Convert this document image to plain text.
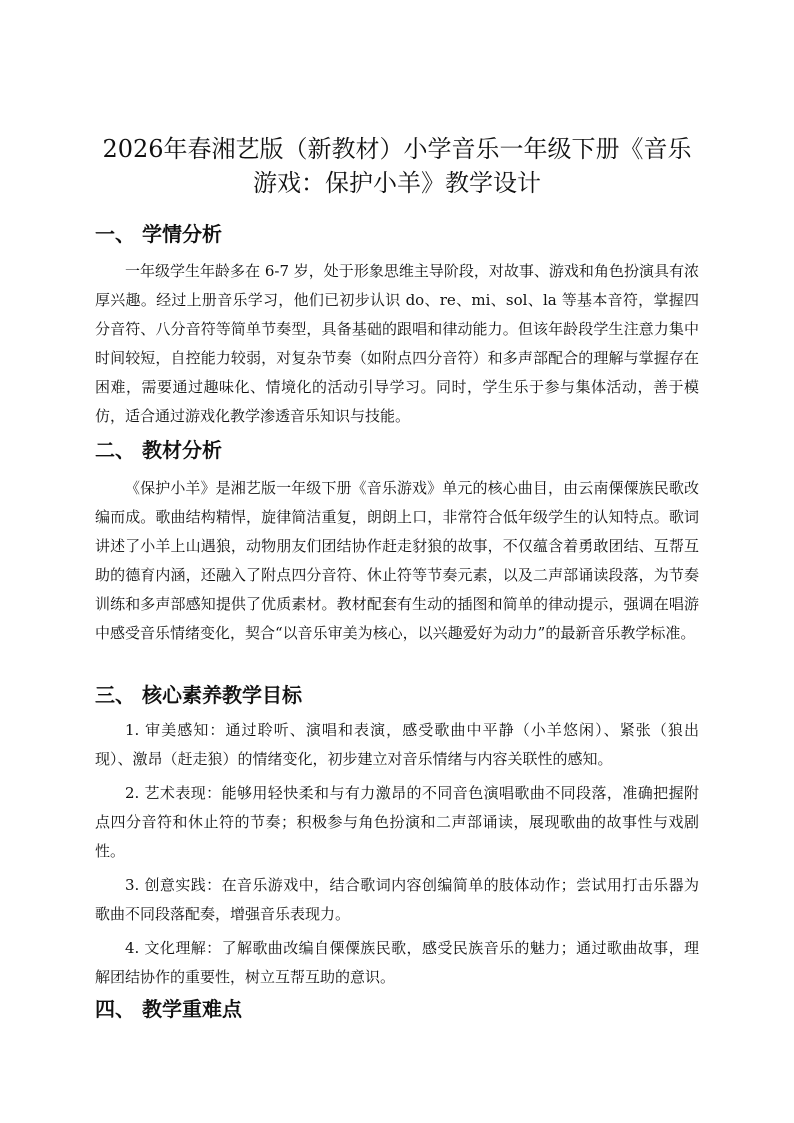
2026年春湘艺版（新教材）小学音乐一年级下册《音乐游戏：保护小羊》教学设计
一、 学情分析

一年级学生年龄多在 6-7 岁，处于形象思维主导阶段，对故事、游戏和角色扮演具有浓厚兴趣。经过上册音乐学习，他们已初步认识 do、re、mi、sol、la 等基本音符，掌握四分音符、八分音符等简单节奏型，具备基础的跟唱和律动能力。但该年龄段学生注意力集中时间较短，自控能力较弱，对复杂节奏（如附点四分音符）和多声部配合的理解与掌握存在困难，需要通过趣味化、情境化的活动引导学习。同时，学生乐于参与集体活动，善于模仿，适合通过游戏化教学渗透音乐知识与技能。

二、 教材分析

《保护小羊》是湘艺版一年级下册《音乐游戏》单元的核心曲目，由云南傈僳族民歌改编而成。歌曲结构精悍，旋律简洁重复，朗朗上口，非常符合低年级学生的认知特点。歌词讲述了小羊上山遇狼，动物朋友们团结协作赶走豺狼的故事，不仅蕴含着勇敢团结、互帮互助的德育内涵，还融入了附点四分音符、休止符等节奏元素，以及二声部诵读段落，为节奏训练和多声部感知提供了优质素材。教材配套有生动的插图和简单的律动提示，强调在唱游中感受音乐情绪变化，契合“以音乐审美为核心，以兴趣爱好为动力”的最新音乐教学标准。

三、 核心素养教学目标

1. 审美感知：通过聆听、演唱和表演，感受歌曲中平静（小羊悠闲）、紧张（狼出现）、激昂（赶走狼）的情绪变化，初步建立对音乐情绪与内容关联性的感知。

2. 艺术表现：能够用轻快柔和与有力激昂的不同音色演唱歌曲不同段落，准确把握附点四分音符和休止符的节奏；积极参与角色扮演和二声部诵读，展现歌曲的故事性与戏剧性。

3. 创意实践：在音乐游戏中，结合歌词内容创编简单的肢体动作；尝试用打击乐器为歌曲不同段落配奏，增强音乐表现力。

4. 文化理解：了解歌曲改编自傈僳族民歌，感受民族音乐的魅力；通过歌曲故事，理解团结协作的重要性，树立互帮互助的意识。

四、 教学重难点
